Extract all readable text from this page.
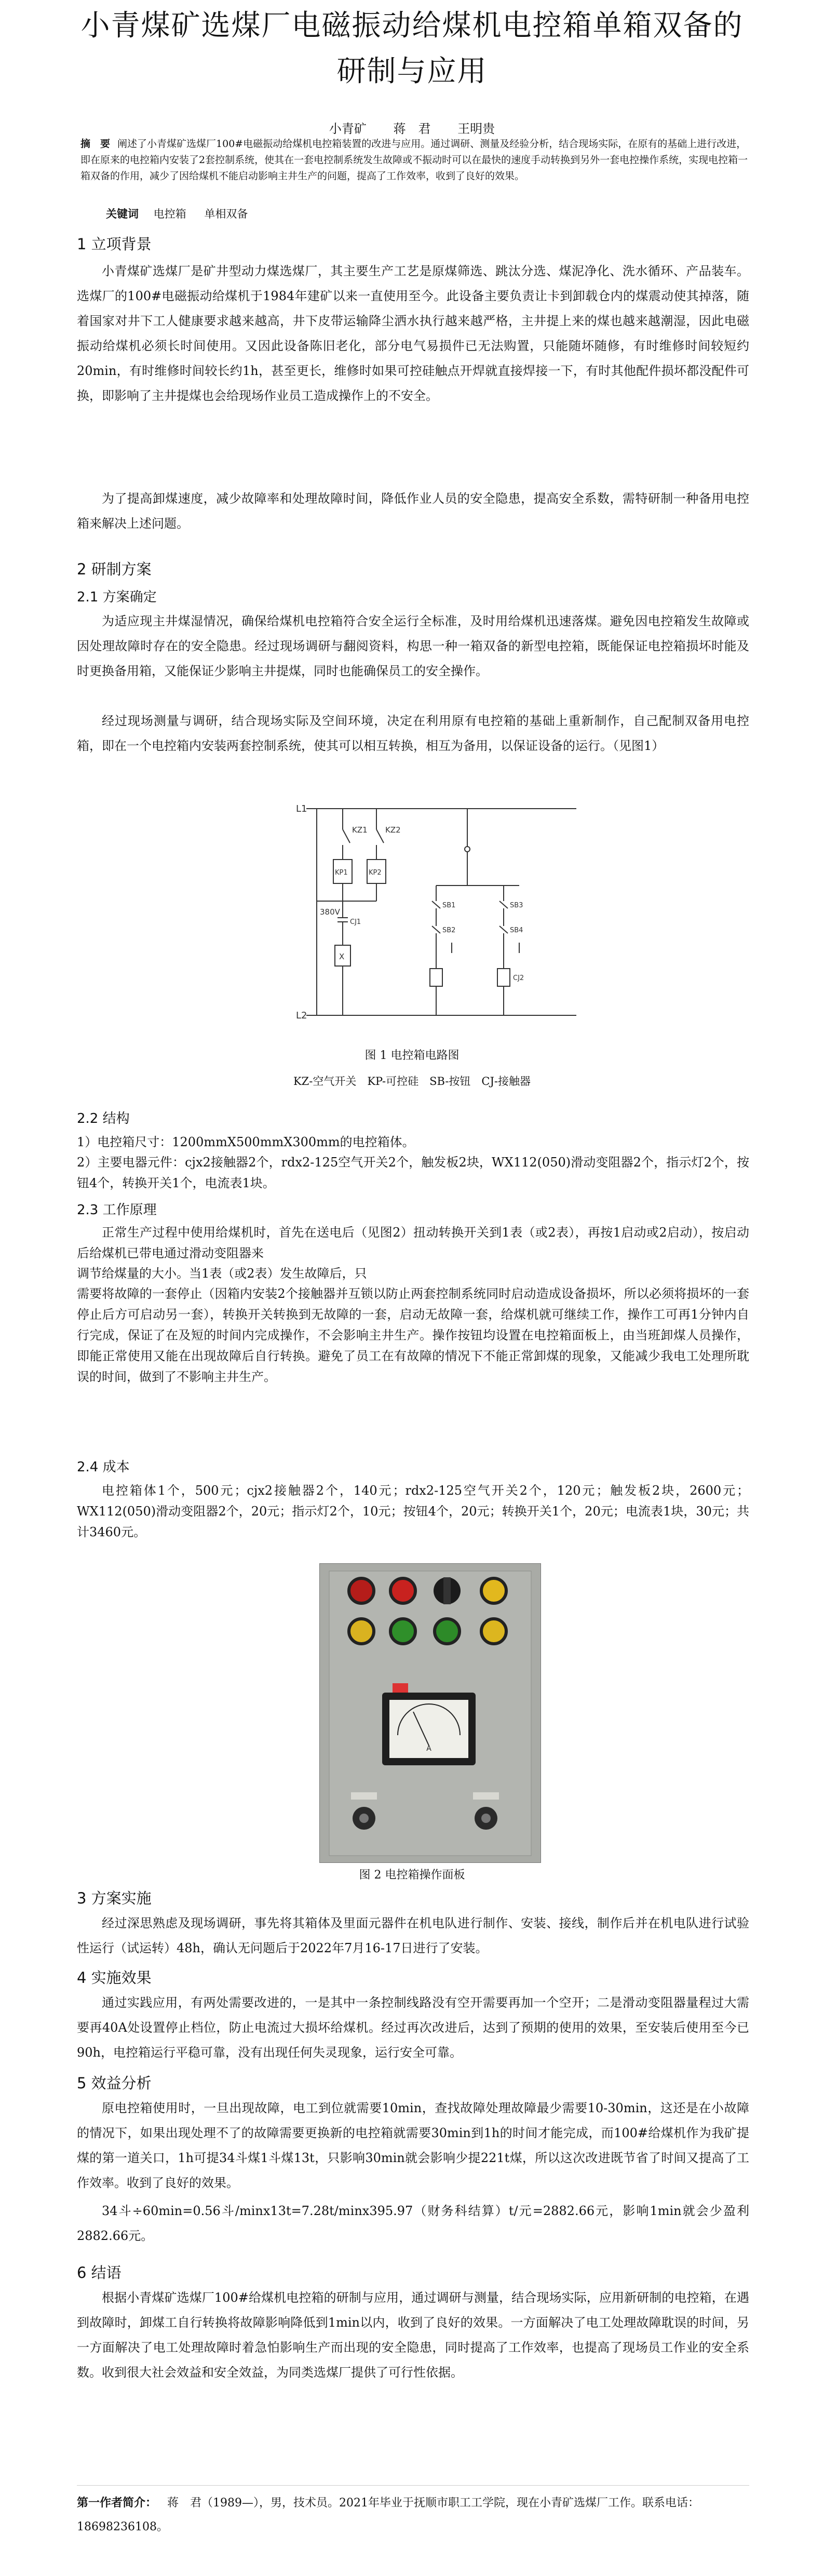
小青煤矿选煤厂电磁振动给煤机电控箱单箱双备的
研制与应用
小青矿 蒋　君 王明贵
摘　要 阐述了小青煤矿选煤厂100#电磁振动给煤机电控箱装置的改进与应用。通过调研、测量及经验分析，结合现场实际，在原有的基础上进行改进，即在原来的电控箱内安装了2套控制系统，使其在一套电控制系统发生故障或不振动时可以在最快的速度手动转换到另外一套电控操作系统，实现电控箱一箱双备的作用，减少了因给煤机不能启动影响主井生产的问题，提高了工作效率，收到了良好的效果。
关键词 电控箱 单相双备
1 立项背景
小青煤矿选煤厂是矿井型动力煤选煤厂，其主要生产工艺是原煤筛选、跳汰分选、煤泥净化、洗水循环、产品装车。选煤厂的100#电磁振动给煤机于1984年建矿以来一直使用至今。此设备主要负责让卡到卸载仓内的煤震动使其掉落，随着国家对井下工人健康要求越来越高，井下皮带运输降尘洒水执行越来越严格，主井提上来的煤也越来越潮湿，因此电磁振动给煤机必须长时间使用。又因此设备陈旧老化，部分电气易损件已无法购置，只能随坏随修，有时维修时间较短约20min，有时维修时间较长约1h，甚至更长，维修时如果可控硅触点开焊就直接焊接一下，有时其他配件损坏都没配件可换，即影响了主井提煤也会给现场作业员工造成操作上的不安全。
为了提高卸煤速度，减少故障率和处理故障时间，降低作业人员的安全隐患，提高安全系数，需特研制一种备用电控箱来解决上述问题。
2 研制方案
2.1 方案确定
为适应现主井煤湿情况，确保给煤机电控箱符合安全运行全标准，及时用给煤机迅速落煤。避免因电控箱发生故障或因处理故障时存在的安全隐患。经过现场调研与翻阅资料，构思一种一箱双备的新型电控箱，既能保证电控箱损坏时能及时更换备用箱，又能保证少影响主井提煤，同时也能确保员工的安全操作。
经过现场测量与调研，结合现场实际及空间环境，决定在利用原有电控箱的基础上重新制作，自己配制双备用电控箱，即在一个电控箱内安装两套控制系统，使其可以相互转换，相互为备用，以保证设备的运行。（见图1）
L1
L2
KZ1 KZ2
KP1	KP2
380V
CJ1
X
SB1
SB2
SB3
SB4
CJ2
图 1 电控箱电路图
KZ-空气开关　KP-可控硅　SB-按钮　CJ-接触器
2.2 结构
1）电控箱尺寸：1200mmX500mmX300mm的电控箱体。
2）主要电器元件：cjx2接触器2个，rdx2-125空气开关2个，触发板2块，WX112(050)滑动变阻器2个，指示灯2个，按钮4个，转换开关1个，电流表1块。
2.3 工作原理
正常生产过程中使用给煤机时，首先在送电后（见图2）扭动转换开关到1表（或2表），再按1启动或2启动），按启动后给煤机已带电通过滑动变阻器来
调节给煤量的大小。当1表（或2表）发生故障后，只
需要将故障的一套停止（因箱内安装2个接触器并互锁以防止两套控制系统同时启动造成设备损坏，所以必须将损坏的一套停止后方可启动另一套），转换开关转换到无故障的一套，启动无故障一套，给煤机就可继续工作，操作工可再1分钟内自行完成，保证了在及短的时间内完成操作，不会影响主井生产。操作按钮均设置在电控箱面板上，由当班卸煤人员操作，即能正常使用又能在出现故障后自行转换。避免了员工在有故障的情况下不能正常卸煤的现象，又能减少我电工处理所耽误的时间，做到了不影响主井生产。
2.4 成本
电控箱体1个，500元；cjx2接触器2个，140元；rdx2-125空气开关2个，120元；触发板2块，2600元；WX112(050)滑动变阻器2个，20元；指示灯2个，10元；按钮4个，20元；转换开关1个，20元；电流表1块，30元；共计3460元。
A
图 2 电控箱操作面板
3 方案实施
经过深思熟虑及现场调研，事先将其箱体及里面元器件在机电队进行制作、安装、接线，制作后并在机电队进行试验性运行（试运转）48h，确认无问题后于2022年7月16-17日进行了安装。
4 实施效果
通过实践应用，有两处需要改进的，一是其中一条控制线路没有空开需要再加一个空开；二是滑动变阻器量程过大需要再40A处设置停止档位，防止电流过大损坏给煤机。经过再次改进后，达到了预期的使用的效果，至安装后使用至今已90h，电控箱运行平稳可靠，没有出现任何失灵现象，运行安全可靠。
5 效益分析
原电控箱使用时，一旦出现故障，电工到位就需要10min，查找故障处理故障最少需要10-30min，这还是在小故障的情况下，如果出现处理不了的故障需要更换新的电控箱就需要30min到1h的时间才能完成，而100#给煤机作为我矿提煤的第一道关口，1h可提34斗煤1斗煤13t，只影响30min就会影响少提221t煤，所以这次改进既节省了时间又提高了工作效率。收到了良好的效果。
34斗÷60min=0.56斗/minx13t=7.28t/minx395.97（财务科结算）t/元=2882.66元，影响1min就会少盈利2882.66元。
6 结语
根据小青煤矿选煤厂100#给煤机电控箱的研制与应用，通过调研与测量，结合现场实际，应用新研制的电控箱，在遇到故障时，卸煤工自行转换将故障影响降低到1min以内，收到了良好的效果。一方面解决了电工处理故障耽误的时间，另一方面解决了电工处理故障时着急怕影响生产而出现的安全隐患，同时提高了工作效率，也提高了现场员工作业的安全系数。收到很大社会效益和安全效益，为同类选煤厂提供了可行性依据。
第一作者简介： 蒋　君（1989—），男，技术员。2021年毕业于抚顺市职工工学院，现在小青矿选煤厂工作。联系电话：18698236108。
